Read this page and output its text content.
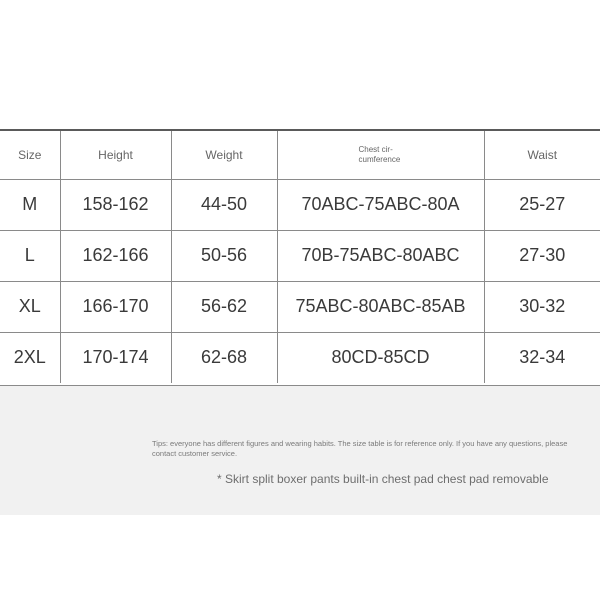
Size	Height	Weight	Chest cir-cumference	Waist
M	158-162	44-50	70ABC-75ABC-80A	25-27
L	162-166	50-56	70B-75ABC-80ABC	27-30
XL	166-170	56-62	75ABC-80ABC-85AB	30-32
2XL	170-174	62-68	80CD-85CD	32-34
Tips: everyone has different figures and wearing habits. The size table is for reference only. If you have any questions, please contact customer service.
* Skirt split boxer pants built-in chest pad chest pad removable
